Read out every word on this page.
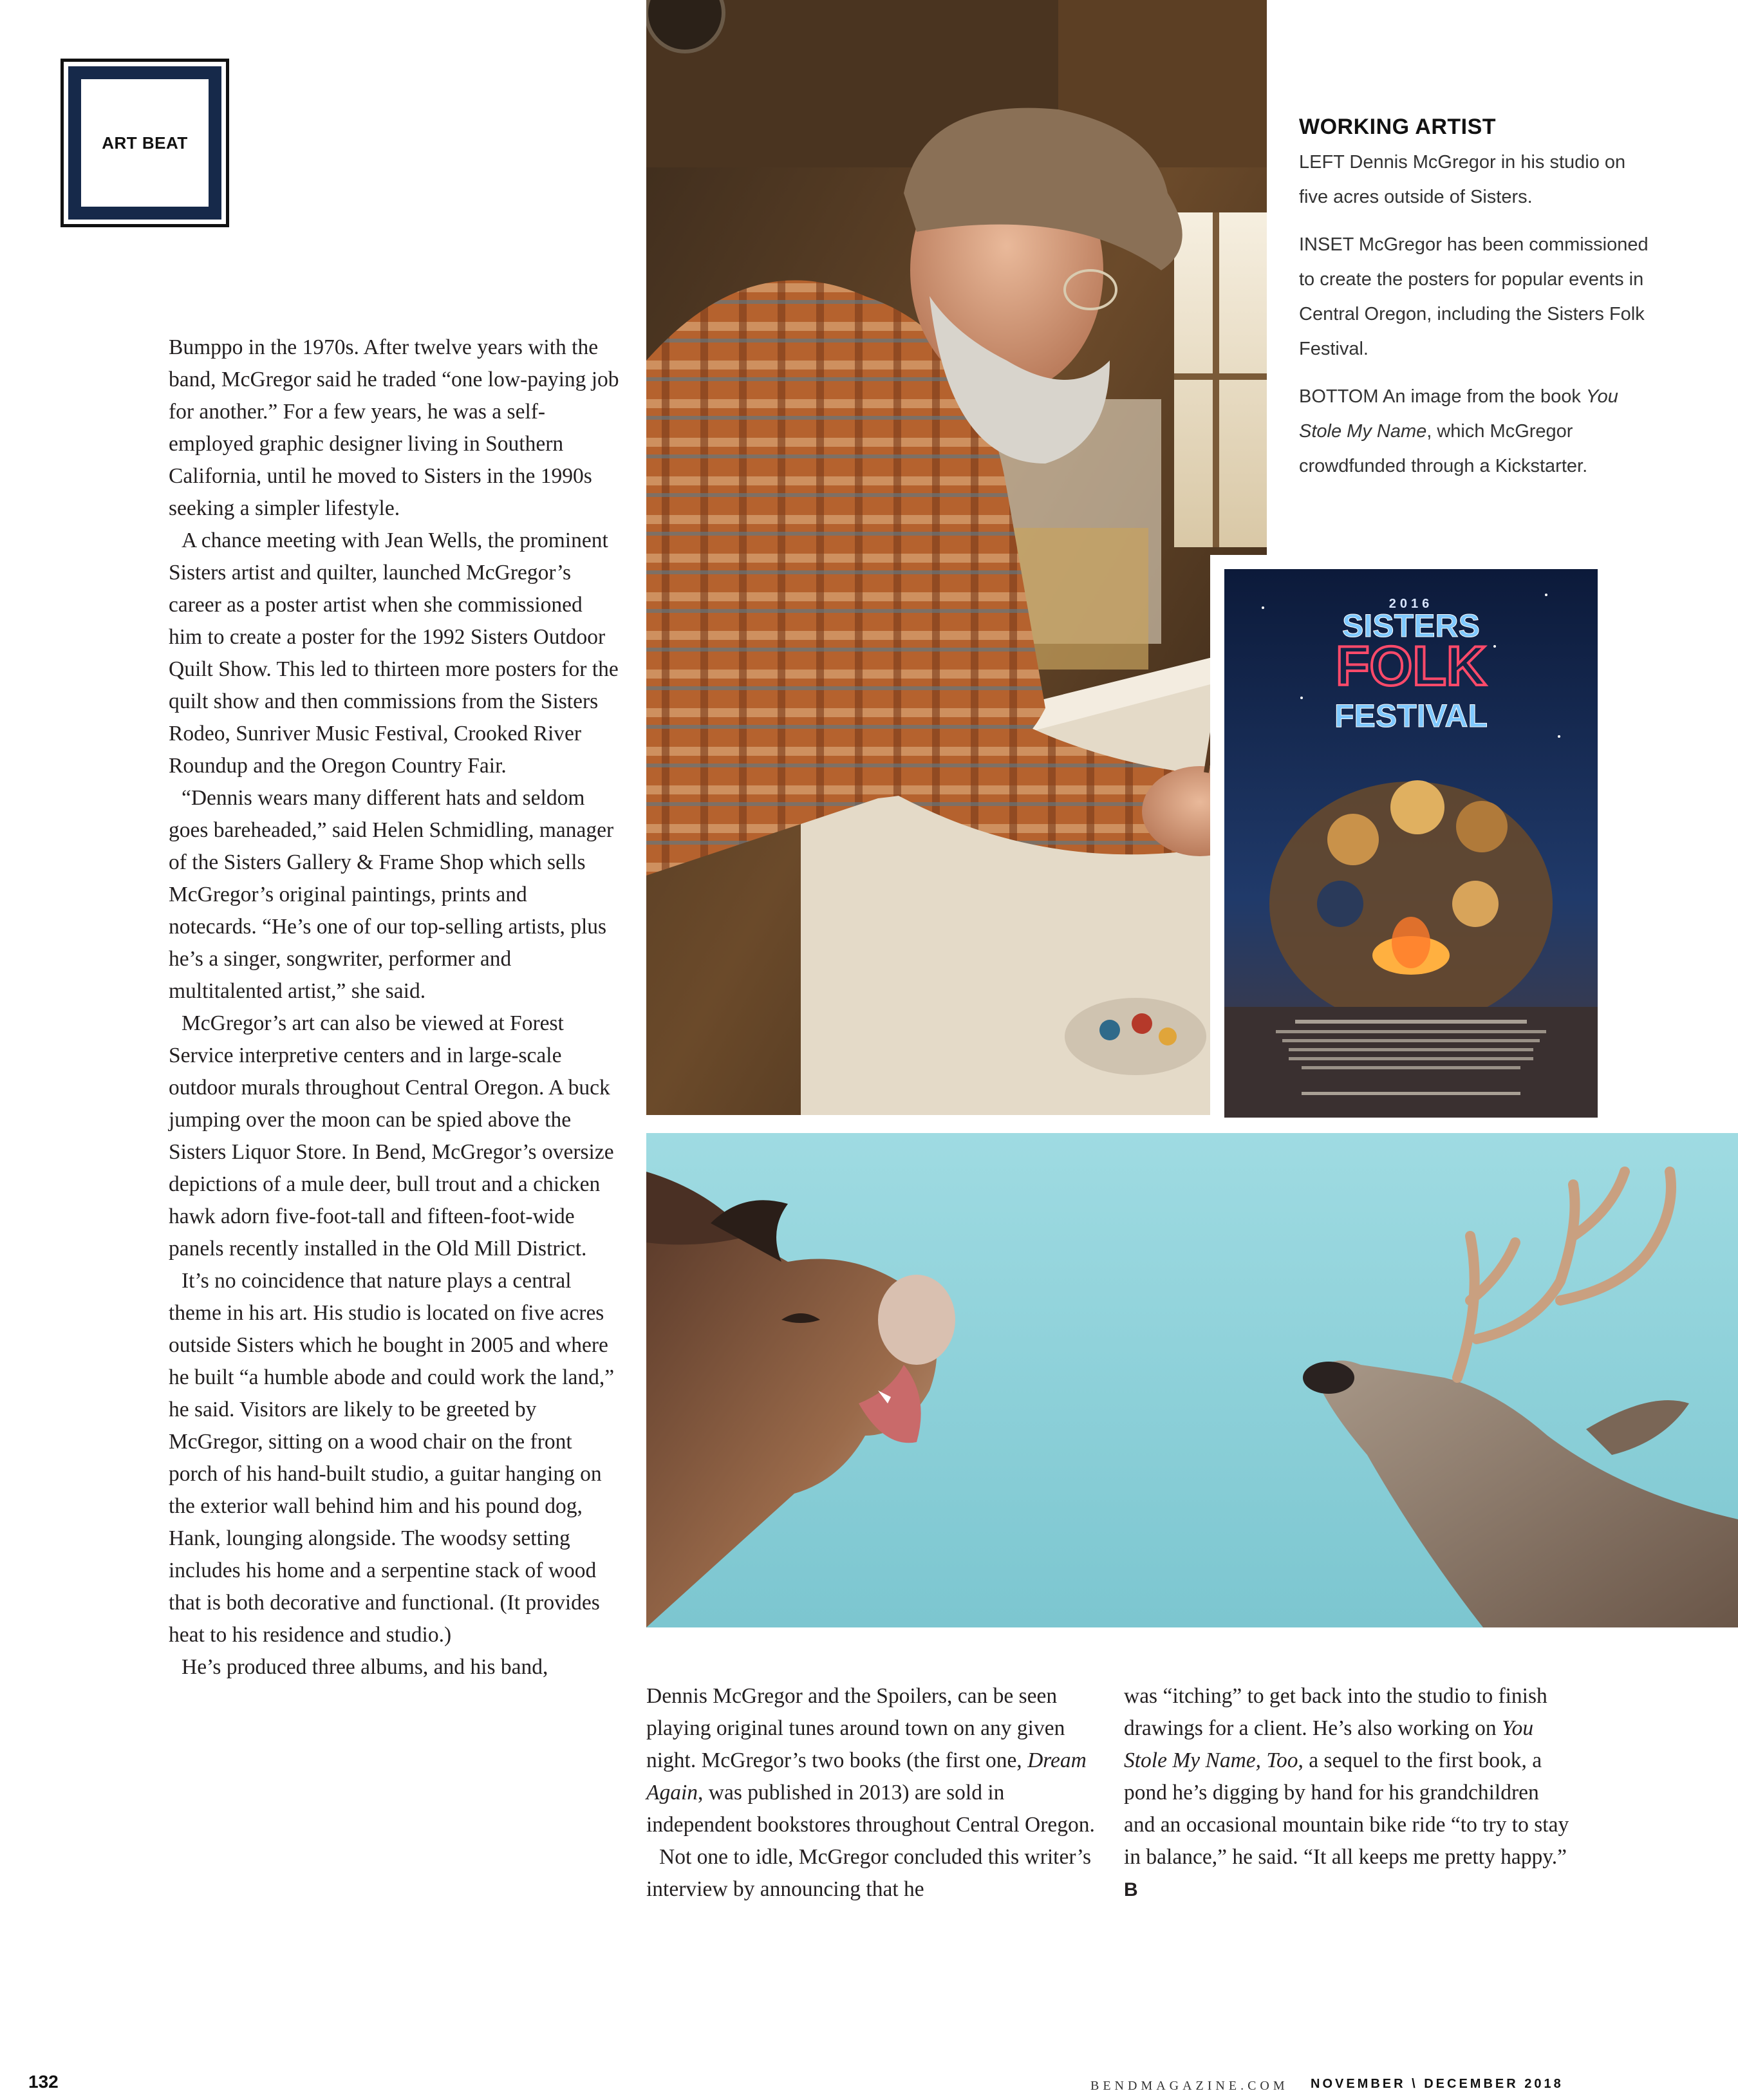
ART BEAT

Bumppo in the 1970s. After twelve years with the band, McGregor said he traded “one low-paying job for another.” For a few years, he was a self-employed graphic designer living in Southern California, until he moved to Sisters in the 1990s seeking a simpler lifestyle.

A chance meeting with Jean Wells, the prominent Sisters artist and quilter, launched McGregor’s career as a poster artist when she commissioned him to create a poster for the 1992 Sisters Outdoor Quilt Show. This led to thirteen more posters for the quilt show and then commissions from the Sisters Rodeo, Sunriver Music Festival, Crooked River Roundup and the Oregon Country Fair.

“Dennis wears many different hats and seldom goes bareheaded,” said Helen Schmidling, manager of the Sisters Gallery & Frame Shop which sells McGregor’s original paintings, prints and notecards. “He’s one of our top-selling artists, plus he’s a singer, songwriter, performer and multitalented artist,” she said.

McGregor’s art can also be viewed at Forest Service interpretive centers and in large-scale outdoor murals throughout Central Oregon. A buck jumping over the moon can be spied above the Sisters Liquor Store. In Bend, McGregor’s oversize depictions of a mule deer, bull trout and a chicken hawk adorn five-foot-tall and fifteen-foot-wide panels recently installed in the Old Mill District.

It’s no coincidence that nature plays a central theme in his art. His studio is located on five acres outside Sisters which he bought in 2005 and where he built “a humble abode and could work the land,” he said. Visitors are likely to be greeted by McGregor, sitting on a wood chair on the front porch of his hand-built studio, a guitar hanging on the exterior wall behind him and his pound dog, Hank, lounging alongside. The woodsy setting includes his home and a serpentine stack of wood that is both decorative and functional. (It provides heat to his residence and studio.)

He’s produced three albums, and his band,

Dennis McGregor and the Spoilers, can be seen playing original tunes around town on any given night. McGregor’s two books (the first one, Dream Again, was published in 2013) are sold in independent bookstores throughout Central Oregon.

Not one to idle, McGregor concluded this writer’s interview by announcing that he

was “itching” to get back into the studio to finish drawings for a client. He’s also working on You Stole My Name, Too, a sequel to the first book, a pond he’s digging by hand for his grandchildren and an occasional mountain bike ride “to try to stay in balance,” he said. “It all keeps me pretty happy.” B

WORKING ARTIST

LEFT Dennis McGregor in his studio on five acres outside of Sisters.

INSET McGregor has been commissioned to create the posters for popular events in Central Oregon, including the Sisters Folk Festival.

BOTTOM An image from the book You Stole My Name, which McGregor crowdfunded through a Kickstarter.

2016
SISTERS
FOLK
FESTIVAL
132	BENDMAGAZINE.COM NOVEMBER \ DECEMBER 2018
